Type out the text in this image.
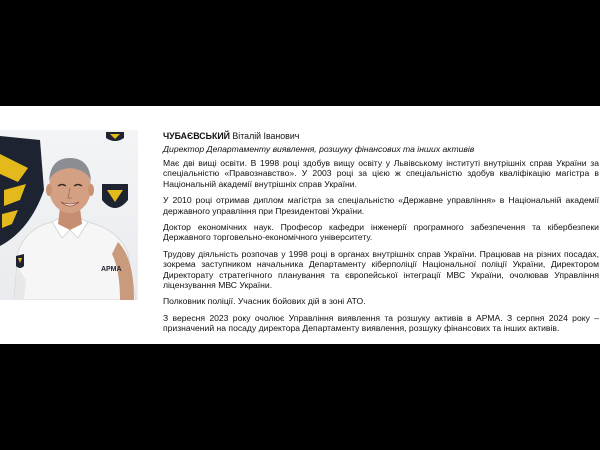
АРМА
ЧУБАЄВСЬКИЙ Віталій Іванович
Директор Департаменту виявлення, розшуку фінансових та інших активів

Має дві вищі освіти. В 1998 році здобув вищу освіту у Львівському інституті внутрішніх справ України за спеціальністю «Правознавство». У 2003 році за цією ж спеціальністю здобув кваліфікацію магістра в Національній академії внутрішніх справ України.

У 2010 році отримав диплом магістра за спеціальністю «Державне управління» в Національній академії державного управління при Президентові України.

Доктор економічних наук. Професор кафедри інженерії програмного забезпечення та кібербезпеки Державного торговельно-економічного університету.

Трудову діяльність розпочав у 1998 році в органах внутрішніх справ України. Працював на різних посадах, зокрема заступником начальника Департаменту кіберполіції Національної поліції України, Директором Директорату стратегічного планування та європейської інтеграції МВС України, очолював Управління ліцензування МВС України.

Полковник поліції. Учасник бойових дій в зоні АТО.

З вересня 2023 року очолює Управління виявлення та розшуку активів в АРМА. З серпня 2024 року – призначений на посаду директора Департаменту виявлення, розшуку фінансових та інших активів.
